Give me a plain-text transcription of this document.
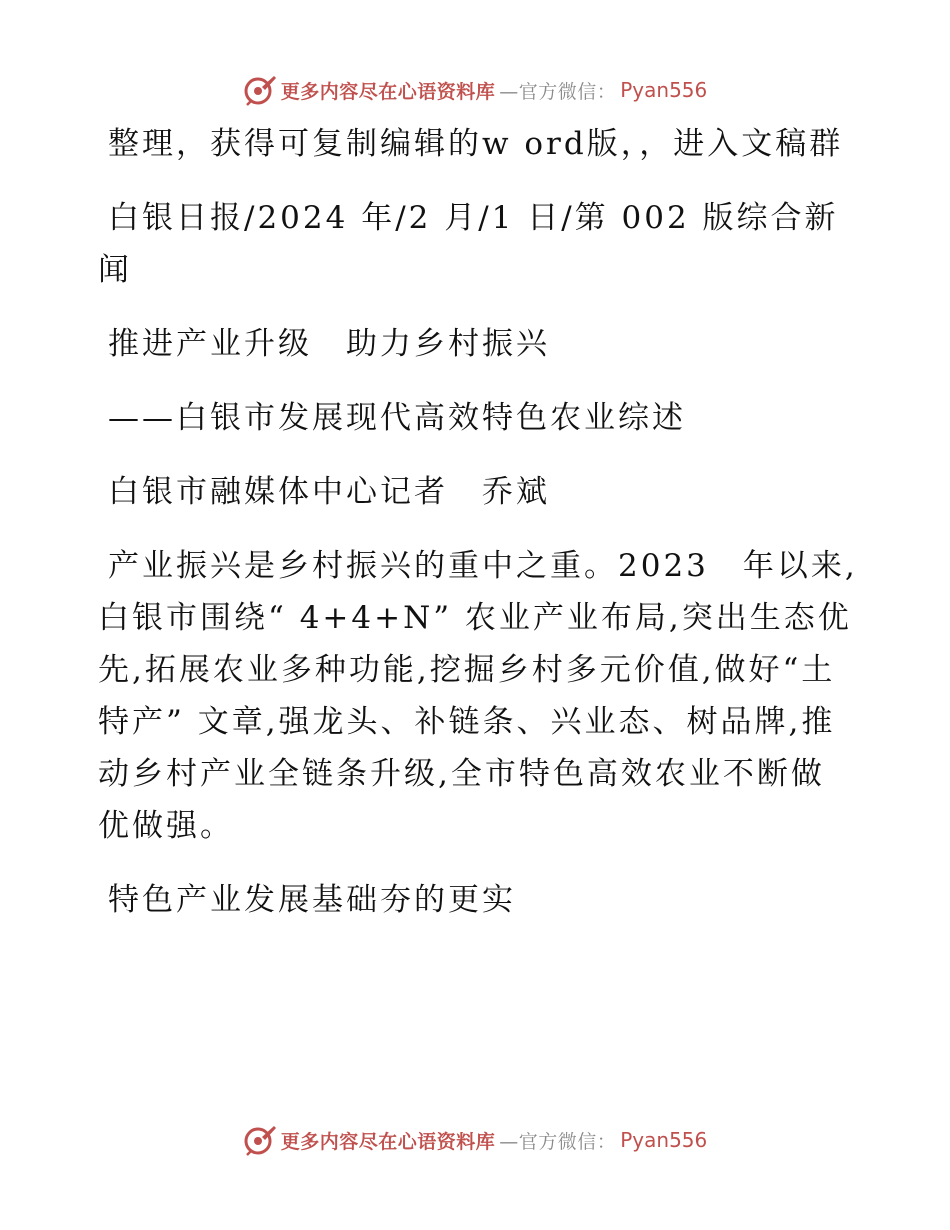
更多内容尽在心语资料库 —官方微信： Pyan556

整理，获得可复制编辑的w ord版，，进入文稿群

白银日报/2024 年/2 月/1 日/第 002 版综合新闻

推进产业升级　助力乡村振兴

——白银市发展现代高效特色农业综述

白银市融媒体中心记者　乔斌

产业振兴是乡村振兴的重中之重。2023　年以来,白银市围绕“ 4+4+N” 农业产业布局,突出生态优先,拓展农业多种功能,挖掘乡村多元价值,做好“土特产” 文章,强龙头、补链条、兴业态、树品牌,推动乡村产业全链条升级,全市特色高效农业不断做优做强。

特色产业发展基础夯的更实

更多内容尽在心语资料库 —官方微信： Pyan556
